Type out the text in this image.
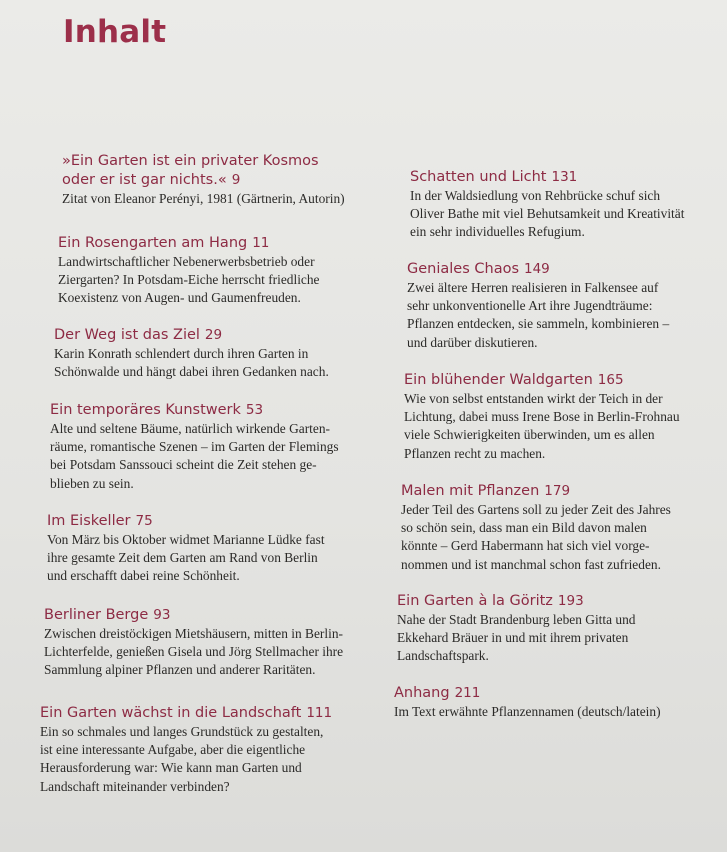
Inhalt
»Ein Garten ist ein privater Kosmos
oder er ist gar nichts.« 9
Zitat von Eleanor Perényi, 1981 (Gärtnerin, Autorin)
Ein Rosengarten am Hang 11
Landwirtschaftlicher Nebenerwerbsbetrieb oder
Ziergarten? In Potsdam-Eiche herrscht friedliche
Koexistenz von Augen- und Gaumenfreuden.
Der Weg ist das Ziel 29
Karin Konrath schlendert durch ihren Garten in
Schönwalde und hängt dabei ihren Gedanken nach.
Ein temporäres Kunstwerk 53
Alte und seltene Bäume, natürlich wirkende Garten-
räume, romantische Szenen – im Garten der Flemings
bei Potsdam Sanssouci scheint die Zeit stehen ge-
blieben zu sein.
Im Eiskeller 75
Von März bis Oktober widmet Marianne Lüdke fast
ihre gesamte Zeit dem Garten am Rand von Berlin
und erschafft dabei reine Schönheit.
Berliner Berge 93
Zwischen dreistöckigen Mietshäusern, mitten in Berlin-
Lichterfelde, genießen Gisela und Jörg Stellmacher ihre
Sammlung alpiner Pflanzen und anderer Raritäten.
Ein Garten wächst in die Landschaft 111
Ein so schmales und langes Grundstück zu gestalten,
ist eine interessante Aufgabe, aber die eigentliche
Herausforderung war: Wie kann man Garten und
Landschaft miteinander verbinden?
Schatten und Licht 131
In der Waldsiedlung von Rehbrücke schuf sich
Oliver Bathe mit viel Behutsamkeit und Kreativität
ein sehr individuelles Refugium.
Geniales Chaos 149
Zwei ältere Herren realisieren in Falkensee auf
sehr unkonventionelle Art ihre Jugendträume:
Pflanzen entdecken, sie sammeln, kombinieren –
und darüber diskutieren.
Ein blühender Waldgarten 165
Wie von selbst entstanden wirkt der Teich in der
Lichtung, dabei muss Irene Bose in Berlin-Frohnau
viele Schwierigkeiten überwinden, um es allen
Pflanzen recht zu machen.
Malen mit Pflanzen 179
Jeder Teil des Gartens soll zu jeder Zeit des Jahres
so schön sein, dass man ein Bild davon malen
könnte – Gerd Habermann hat sich viel vorge-
nommen und ist manchmal schon fast zufrieden.
Ein Garten à la Göritz 193
Nahe der Stadt Brandenburg leben Gitta und
Ekkehard Bräuer in und mit ihrem privaten
Landschaftspark.
Anhang 211
Im Text erwähnte Pflanzennamen (deutsch/latein)
